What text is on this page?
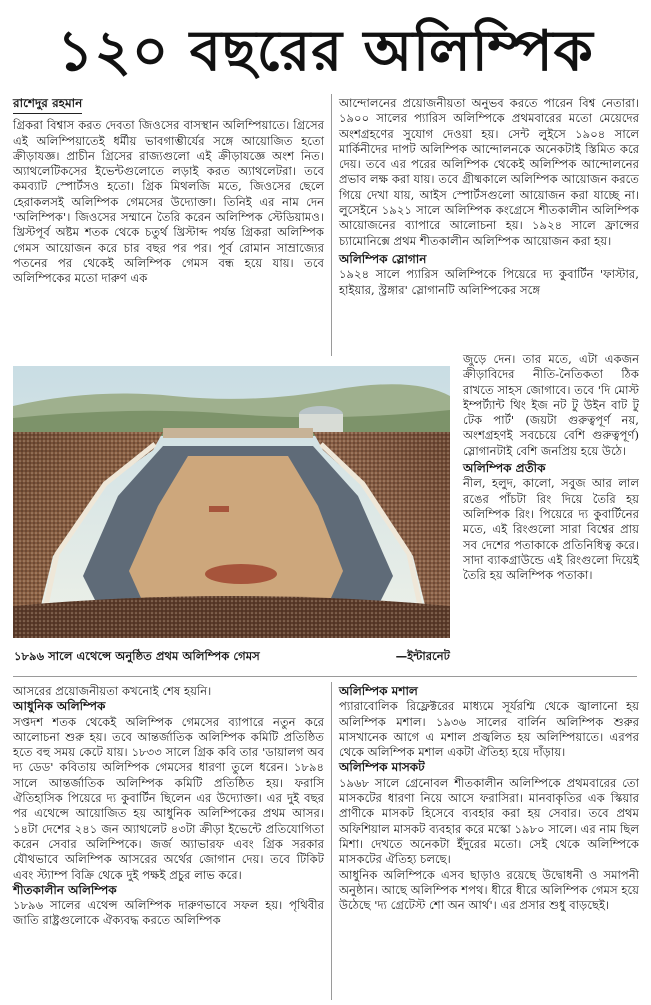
১২০ বছরের অলিম্পিক
রাশেদুর রহমান

গ্রিকরা বিশ্বাস করত দেবতা জিওসের বাসস্থান অলিম্পিয়াতে। গ্রিসের এই অলিম্পিয়াতেই ধর্মীয় ভাবগাম্ভীর্যের সঙ্গে আয়োজিত হতো ক্রীড়াযজ্ঞ। প্রাচীন গ্রিসের রাজ্যগুলো এই ক্রীড়াযজ্ঞে অংশ নিত। অ্যাথলেটিকসের ইভেন্টগুলোতে লড়াই করত অ্যাথলেটরা। তবে কমব্যাট স্পোর্টসও হতো। গ্রিক মিথলজি মতে, জিওসের ছেলে হেরাকলসই অলিম্পিক গেমসের উদ্যোক্তা। তিনিই এর নাম দেন 'অলিম্পিক'। জিওসের সম্মানে তৈরি করেন অলিম্পিক স্টেডিয়ামও। খ্রিস্টপূর্ব অষ্টম শতক থেকে চতুর্থ খ্রিস্টাব্দ পর্যন্ত গ্রিকরা অলিম্পিক গেমস আয়োজন করে চার বছর পর পর। পূর্ব রোমান সাম্রাজ্যের পতনের পর থেকেই অলিম্পিক গেমস বন্ধ হয়ে যায়। তবে অলিম্পিকের মতো দারুণ এক

আন্দোলনের প্রয়োজনীয়তা অনুভব করতে পারেন বিশ্ব নেতারা। ১৯০০ সালের প্যারিস অলিম্পিকে প্রথমবারের মতো মেয়েদের অংশগ্রহণের সুযোগ দেওয়া হয়। সেন্ট লুইসে ১৯০৪ সালে মার্কিনীদের দাপট অলিম্পিক আন্দোলনকে অনেকটাই স্তিমিত করে দেয়। তবে এর পরের অলিম্পিক থেকেই অলিম্পিক আন্দোলনের প্রভাব লক্ষ করা যায়। তবে গ্রীষ্মকালে অলিম্পিক আয়োজন করতে গিয়ে দেখা যায়, আইস স্পোর্টসগুলো আয়োজন করা যাচ্ছে না। লুসেইনে ১৯২১ সালে অলিম্পিক কংগ্রেসে শীতকালীন অলিম্পিক আয়োজনের ব্যাপারে আলোচনা হয়। ১৯২৪ সালে ফ্রান্সের চ্যামোনিক্সে প্রথম শীতকালীন অলিম্পিক আয়োজন করা হয়।

অলিম্পিক স্লোগান

১৯২৪ সালে প্যারিস অলিম্পিকে পিয়েরে দ্য কুবার্টিন 'ফাস্টার, হাইয়ার, স্ট্রঙ্গার' স্লোগানটি অলিম্পিকের সঙ্গে

জুড়ে দেন। তার মতে, এটা একজন ক্রীড়াবিদের নীতি-নৈতিকতা ঠিক রাখতে সাহস জোগাবে। তবে 'দি মোস্ট ইম্পর্ট্যান্ট থিং ইজ নট টু উইন বাট টু টেক পার্ট' (জয়টা গুরুত্বপূর্ণ নয়, অংশগ্রহণই সবচেয়ে বেশি গুরুত্বপূর্ণ) স্লোগানটাই বেশি জনপ্রিয় হয়ে উঠে।

অলিম্পিক প্রতীক

নীল, হলুদ, কালো, সবুজ আর লাল রঙের পাঁচটা রিং দিয়ে তৈরি হয় অলিম্পিক রিং। পিয়েরে দ্য কুবার্টিনের মতে, এই রিংগুলো সারা বিশ্বের প্রায় সব দেশের পতাকাকে প্রতিনিধিত্ব করে। সাদা ব্যাকগ্রাউন্ডে এই রিংগুলো দিয়েই তৈরি হয় অলিম্পিক পতাকা।

১৮৯৬ সালে এথেন্সে অনুষ্ঠিত প্রথম অলিম্পিক গেমস	—ইন্টারনেট

আসরের প্রয়োজনীয়তা কখনোই শেষ হয়নি।

আধুনিক অলিম্পিক

সপ্তদশ শতক থেকেই অলিম্পিক গেমসের ব্যাপারে নতুন করে আলোচনা শুরু হয়। তবে আন্তর্জাতিক অলিম্পিক কমিটি প্রতিষ্ঠিত হতে বহু সময় কেটে যায়। ১৮৩৩ সালে গ্রিক কবি তার 'ডায়ালগ অব দ্য ডেড' কবিতায় অলিম্পিক গেমসের ধারণা তুলে ধরেন। ১৮৯৪ সালে আন্তর্জাতিক অলিম্পিক কমিটি প্রতিষ্ঠিত হয়। ফরাসি ঐতিহাসিক পিয়েরে দ্য কুবার্টিন ছিলেন এর উদ্যোক্তা। এর দুই বছর পর এথেন্সে আয়োজিত হয় আধুনিক অলিম্পিকের প্রথম আসর। ১৪টা দেশের ২৪১ জন অ্যাথলেট ৪৩টা ক্রীড়া ইভেন্টে প্রতিযোগিতা করেন সেবার অলিম্পিকে। জর্জ অ্যাভারফ এবং গ্রিক সরকার যৌথভাবে অলিম্পিক আসরের অর্থের জোগান দেয়। তবে টিকিট এবং স্ট্যাম্প বিক্রি থেকে দুই পক্ষই প্রচুর লাভ করে।

শীতকালীন অলিম্পিক

১৮৯৬ সালের এথেন্স অলিম্পিক দারুণভাবে সফল হয়। পৃথিবীর জাতি রাষ্ট্রগুলোকে ঐক্যবদ্ধ করতে অলিম্পিক

অলিম্পিক মশাল

প্যারাবোলিক রিফ্লেক্টরের মাধ্যমে সূর্যরশ্মি থেকে জ্বালানো হয় অলিম্পিক মশাল। ১৯৩৬ সালের বার্লিন অলিম্পিক শুরুর মাসখানেক আগে এ মশাল প্রজ্বলিত হয় অলিম্পিয়াতে। এরপর থেকে অলিম্পিক মশাল একটা ঐতিহ্য হয়ে দাঁড়ায়।

অলিম্পিক মাসকট

১৯৬৮ সালে গ্রেনোবল শীতকালীন অলিম্পিকে প্রথমবারের তো মাসকটের ধারণা নিয়ে আসে ফরাসিরা। মানবাকৃতির এক স্কিয়ার প্রাণীকে মাসকট হিসেবে ব্যবহার করা হয় সেবার। তবে প্রথম অফিশিয়াল মাসকট ব্যবহার করে মস্কো ১৯৮০ সালে। এর নাম ছিল মিশা। দেখতে অনেকটা ইঁদুরের মতো। সেই থেকে অলিম্পিকে মাসকটের ঐতিহ্য চলছে।

আধুনিক অলিম্পিকে এসব ছাড়াও রয়েছে উদ্বোধনী ও সমাপনী অনুষ্ঠান। আছে অলিম্পিক শপথ। ধীরে ধীরে অলিম্পিক গেমস হয়ে উঠেছে 'দ্য গ্রেটেস্ট শো অন আর্থ'। এর প্রসার শুধু বাড়ছেই।
